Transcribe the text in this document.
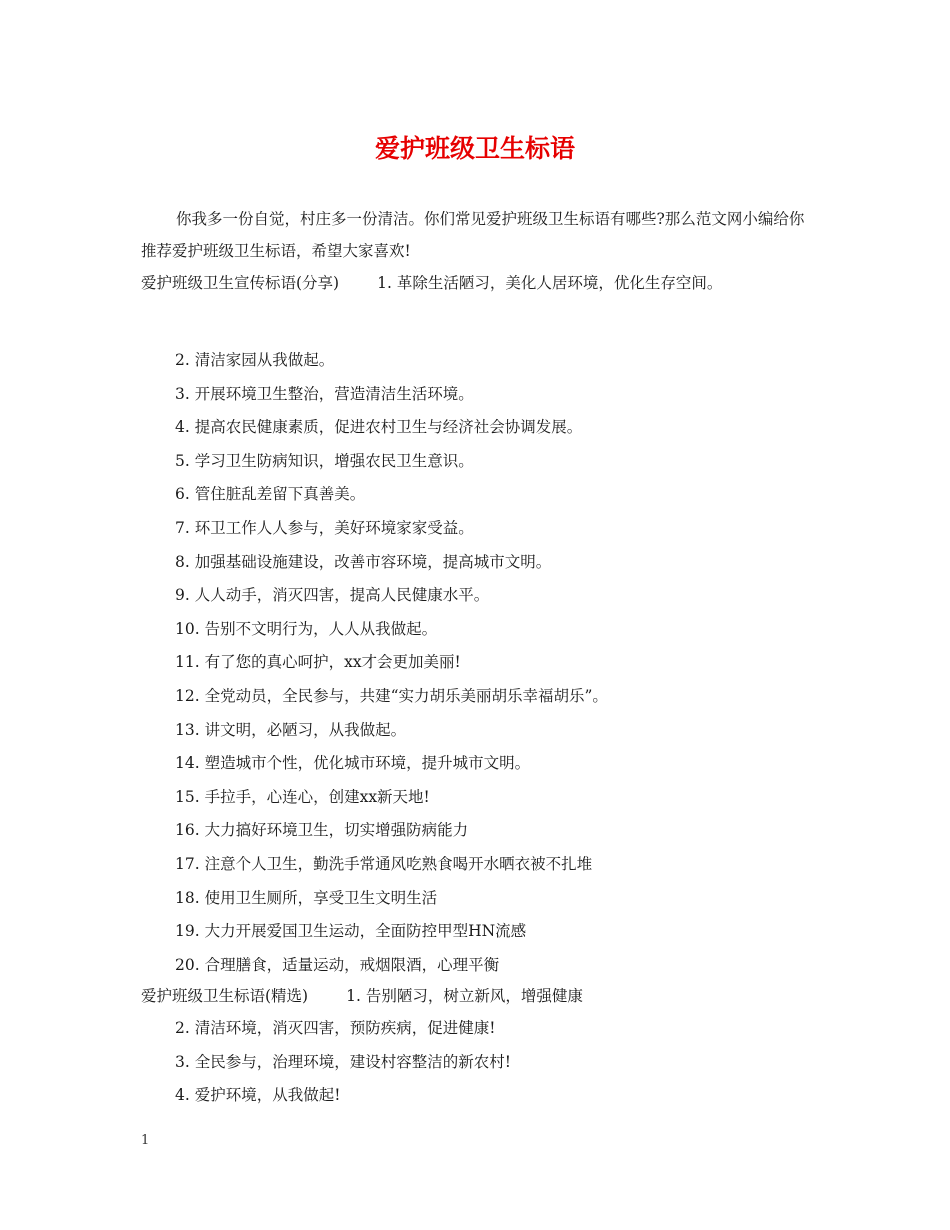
爱护班级卫生标语

你我多一份自觉，村庄多一份清洁。你们常见爱护班级卫生标语有哪些?那么范文网小编给你推荐爱护班级卫生标语，希望大家喜欢!

爱护班级卫生宣传标语(分享) 1. 革除生活陋习，美化人居环境，优化生存空间。

2. 清洁家园从我做起。
3. 开展环境卫生整治，营造清洁生活环境。
4. 提高农民健康素质，促进农村卫生与经济社会协调发展。
5. 学习卫生防病知识，增强农民卫生意识。
6. 管住脏乱差留下真善美。
7. 环卫工作人人参与，美好环境家家受益。
8. 加强基础设施建设，改善市容环境，提高城市文明。
9. 人人动手，消灭四害，提高人民健康水平。
10. 告别不文明行为，人人从我做起。
11. 有了您的真心呵护，xx才会更加美丽!
12. 全党动员，全民参与，共建“实力胡乐美丽胡乐幸福胡乐”。
13. 讲文明，必陋习，从我做起。
14. 塑造城市个性，优化城市环境，提升城市文明。
15. 手拉手，心连心，创建xx新天地!
16. 大力搞好环境卫生，切实增强防病能力
17. 注意个人卫生，勤洗手常通风吃熟食喝开水晒衣被不扎堆
18. 使用卫生厕所，享受卫生文明生活
19. 大力开展爱国卫生运动，全面防控甲型HN流感
20. 合理膳食，适量运动，戒烟限酒，心理平衡

爱护班级卫生标语(精选) 1. 告别陋习，树立新风，增强健康

2. 清洁环境，消灭四害，预防疾病，促进健康!
3. 全民参与，治理环境，建设村容整洁的新农村!
4. 爱护环境，从我做起!
1
